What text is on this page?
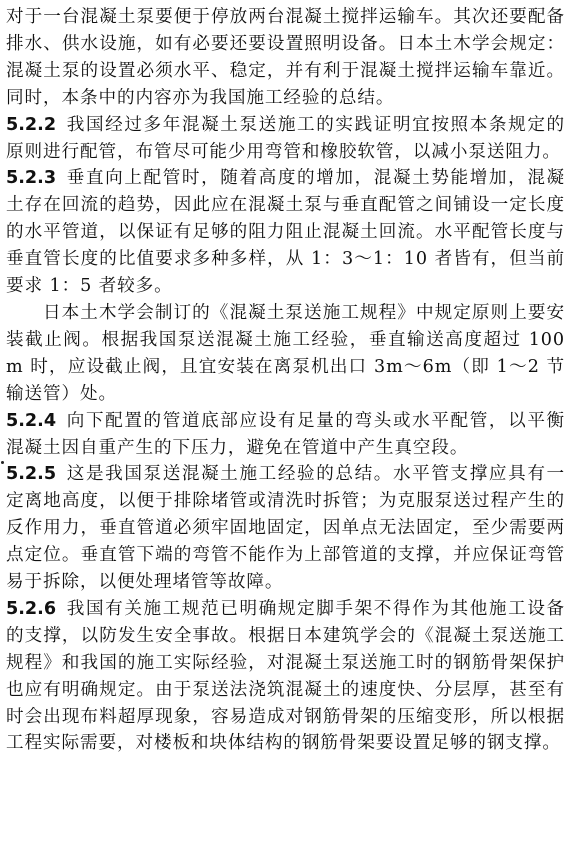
对于一台混凝土泵要便于停放两台混凝土搅拌运输车。其次还要配备排水、供水设施，如有必要还要设置照明设备。日本土木学会规定：混凝土泵的设置必须水平、稳定，并有利于混凝土搅拌运输车靠近。同时，本条中的内容亦为我国施工经验的总结。

5.2.2 我国经过多年混凝土泵送施工的实践证明宜按照本条规定的原则进行配管，布管尽可能少用弯管和橡胶软管，以减小泵送阻力。

5.2.3 垂直向上配管时，随着高度的增加，混凝土势能增加，混凝土存在回流的趋势，因此应在混凝土泵与垂直配管之间铺设一定长度的水平管道，以保证有足够的阻力阻止混凝土回流。水平配管长度与垂直管长度的比值要求多种多样，从 1：3～1：10 者皆有，但当前要求 1：5 者较多。

日本土木学会制订的《混凝土泵送施工规程》中规定原则上要安装截止阀。根据我国泵送混凝土施工经验，垂直输送高度超过 100m 时，应设截止阀，且宜安装在离泵机出口 3m～6m（即 1～2 节输送管）处。

5.2.4 向下配置的管道底部应设有足量的弯头或水平配管，以平衡混凝土因自重产生的下压力，避免在管道中产生真空段。

5.2.5 这是我国泵送混凝土施工经验的总结。水平管支撑应具有一定离地高度，以便于排除堵管或清洗时拆管；为克服泵送过程产生的反作用力，垂直管道必须牢固地固定，因单点无法固定，至少需要两点定位。垂直管下端的弯管不能作为上部管道的支撑，并应保证弯管易于拆除，以便处理堵管等故障。

5.2.6 我国有关施工规范已明确规定脚手架不得作为其他施工设备的支撑，以防发生安全事故。根据日本建筑学会的《混凝土泵送施工规程》和我国的施工实际经验，对混凝土泵送施工时的钢筋骨架保护也应有明确规定。由于泵送法浇筑混凝土的速度快、分层厚，甚至有时会出现布料超厚现象，容易造成对钢筋骨架的压缩变形，所以根据工程实际需要，对楼板和块体结构的钢筋骨架要设置足够的钢支撑。
